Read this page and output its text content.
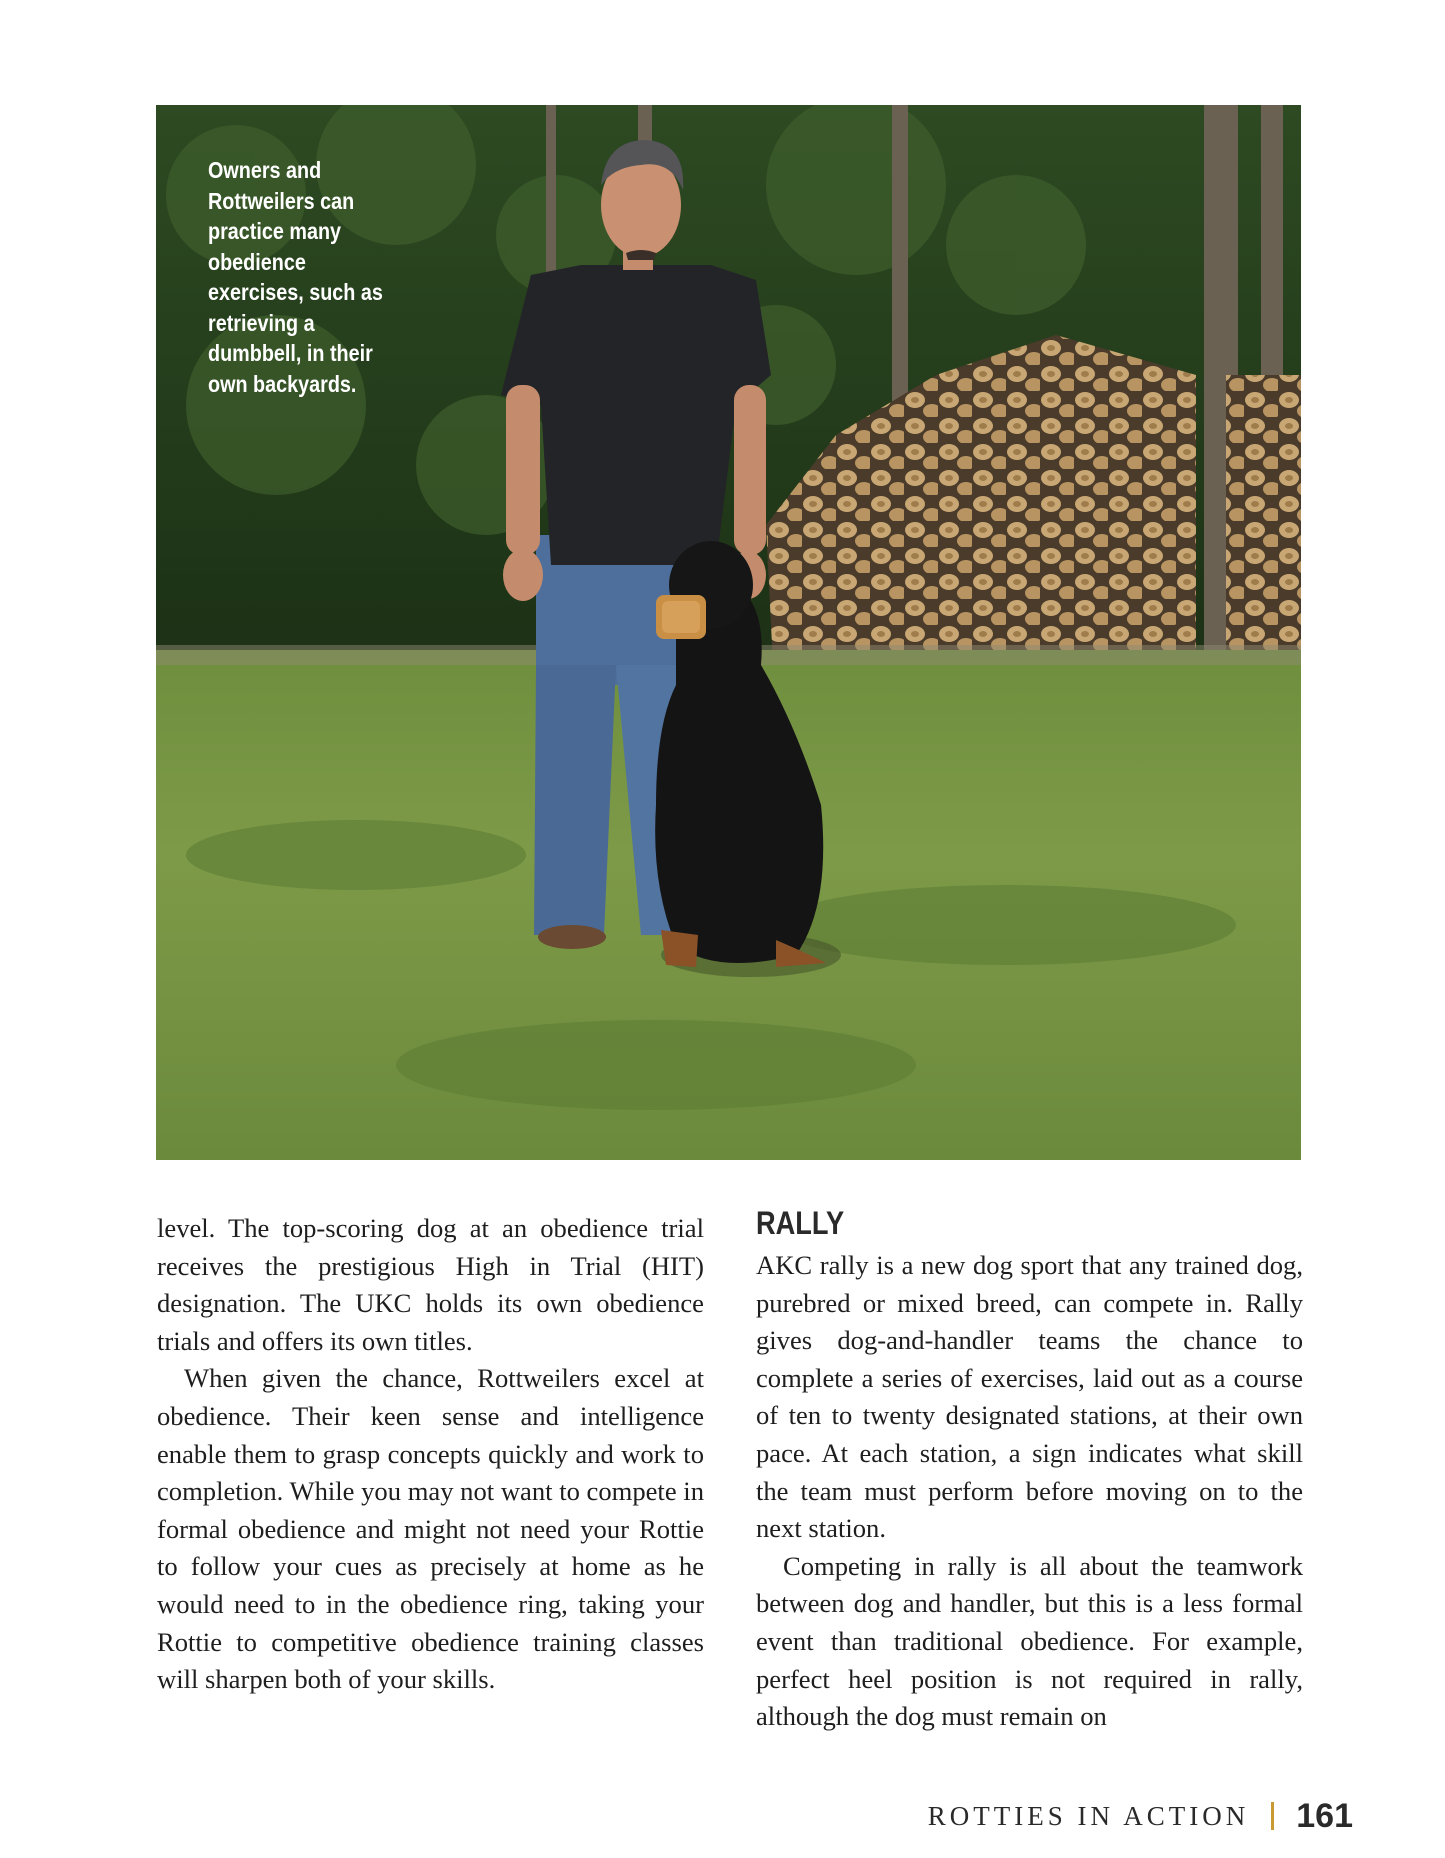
Owners and Rottweilers can practice many obedience exercises, such as retrieving a dumbbell, in their own backyards.

level. The top-scoring dog at an obedience trial receives the prestigious High in Trial (HIT) designation. The UKC holds its own obedience trials and offers its own titles.

When given the chance, Rottweilers excel at obedience. Their keen sense and intelligence enable them to grasp concepts quickly and work to completion. While you may not want to compete in formal obedience and might not need your Rottie to follow your cues as precisely at home as he would need to in the obedience ring, taking your Rottie to competitive obedience training classes will sharpen both of your skills.

RALLY

AKC rally is a new dog sport that any trained dog, purebred or mixed breed, can compete in. Rally gives dog-and-handler teams the chance to complete a series of exercises, laid out as a course of ten to twenty designated stations, at their own pace. At each station, a sign indicates what skill the team must perform before moving on to the next station.

Competing in rally is all about the teamwork between dog and handler, but this is a less formal event than traditional obedience. For example, perfect heel position is not required in rally, although the dog must remain on

ROTTIES IN ACTION 161
